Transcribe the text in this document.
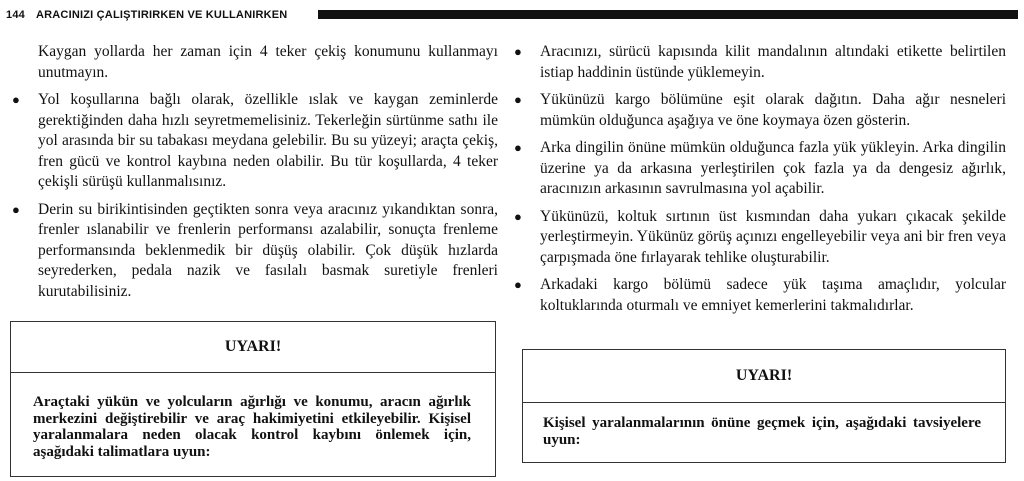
144 ARACINIZI ÇALIŞTIRIRKEN VE KULLANIRKEN

Kaygan yollarda her zaman için 4 teker çekiş konumunu kullanmayı unutmayın.

● Yol koşullarına bağlı olarak, özellikle ıslak ve kaygan zeminlerde gerektiğinden daha hızlı seyretmemelisiniz. Tekerleğin sürtünme sathı ile yol arasında bir su tabakası meydana gelebilir. Bu su yüzeyi; araçta çekiş, fren gücü ve kontrol kaybına neden olabilir. Bu tür koşullarda, 4 teker çekişli sürüşü kullanmalısınız.
● Derin su birikintisinden geçtikten sonra veya aracınız yıkandıktan sonra, frenler ıslanabilir ve frenlerin performansı azalabilir, sonuçta frenleme performansında beklenmedik bir düşüş olabilir. Çok düşük hızlarda seyrederken, pedala nazik ve fasılalı basmak suretiyle frenleri kurutabilisiniz.
UYARI!
Araçtaki yükün ve yolcuların ağırlığı ve konumu, aracın ağırlık merkezini değiştirebilir ve araç hakimiyetini etkileyebilir. Kişisel yaralanmalara neden olacak kontrol kaybını önlemek için, aşağıdaki talimatlara uyun:
● Aracınızı, sürücü kapısında kilit mandalının altındaki etikette belirtilen istiap haddinin üstünde yüklemeyin.
● Yükünüzü kargo bölümüne eşit olarak dağıtın. Daha ağır nesneleri mümkün olduğunca aşağıya ve öne koymaya özen gösterin.
● Arka dingilin önüne mümkün olduğunca fazla yük yükleyin. Arka dingilin üzerine ya da arkasına yerleştirilen çok fazla ya da dengesiz ağırlık, aracınızın arkasının savrulmasına yol açabilir.
● Yükünüzü, koltuk sırtının üst kısmından daha yukarı çıkacak şekilde yerleştirmeyin. Yükünüz görüş açınızı engelleyebilir veya ani bir fren veya çarpışmada öne fırlayarak tehlike oluşturabilir.
● Arkadaki kargo bölümü sadece yük taşıma amaçlıdır, yolcular koltuklarında oturmalı ve emniyet kemerlerini takmalıdırlar.
UYARI!
Kişisel yaralanmalarının önüne geçmek için, aşağıdaki tavsiyelere uyun:
